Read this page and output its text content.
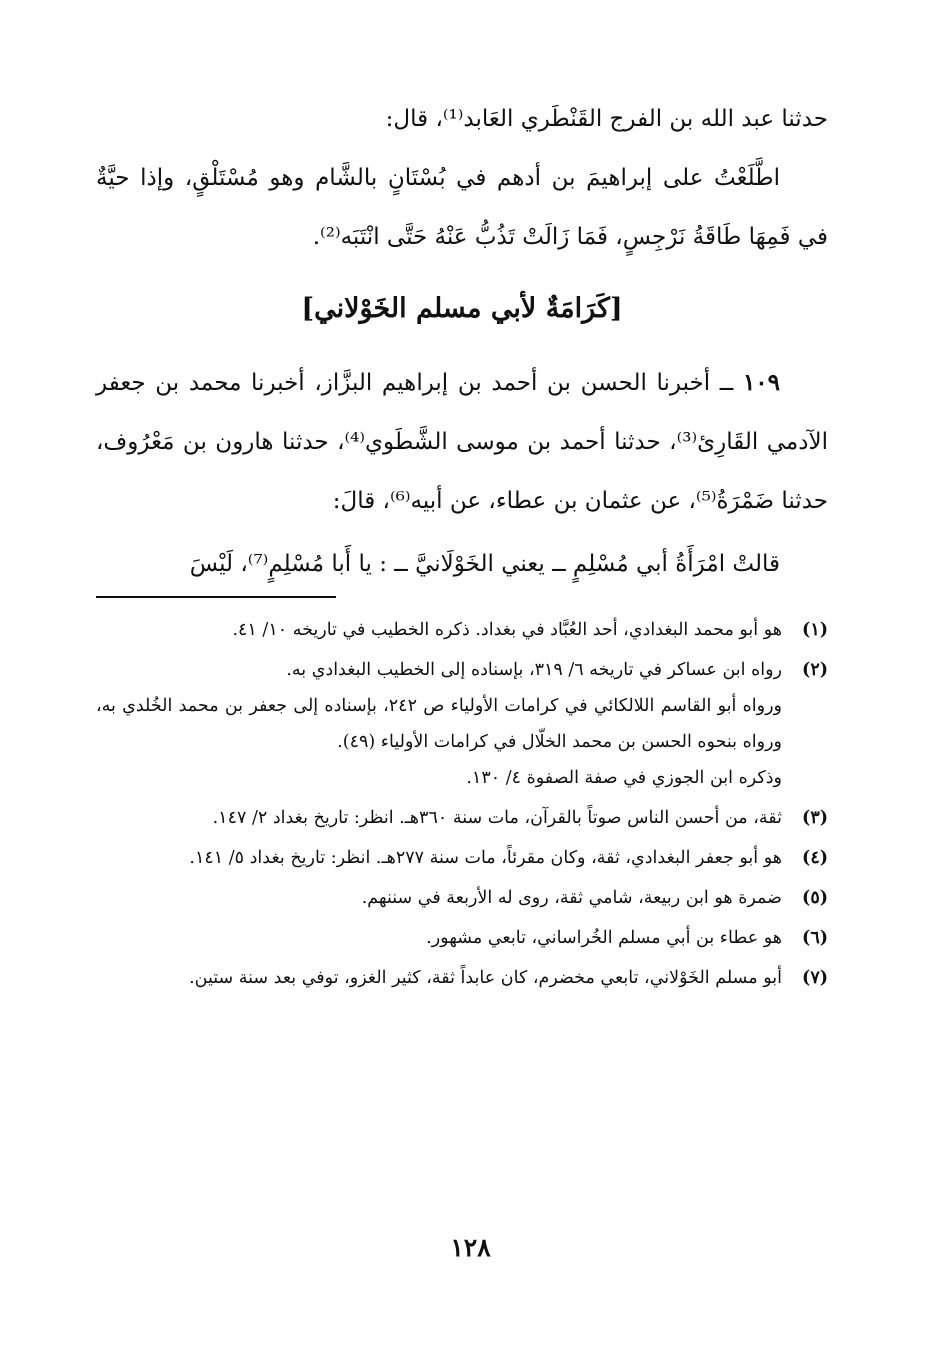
حدثنا عبد الله بن الفرج القَنْطَري العَابد⁽¹⁾، قال:

اطَّلَعْتُ على إبراهيمَ بن أدهم في بُسْتَانٍ بالشَّام وهو مُسْتَلْقٍ، وإذا حيَّةٌ في فَمِهَا طَاقَةُ نَرْجِسٍ، فَمَا زَالَتْ تَذُبُّ عَنْهُ حَتَّى انْتَبَه⁽²⁾.

[كَرَامَةٌ لأبي مسلم الخَوْلاني]

١٠٩ ــ أخبرنا الحسن بن أحمد بن إبراهيم البزَّاز، أخبرنا محمد بن جعفر الآدمي القَارِئ⁽³⁾، حدثنا أحمد بن موسى الشَّطَوي⁽⁴⁾، حدثنا هارون بن مَعْرُوف، حدثنا ضَمْرَةُ⁽⁵⁾، عن عثمان بن عطاء، عن أبيه⁽⁶⁾، قالَ:

قالتْ امْرَأَةُ أبي مُسْلِمٍ ــ يعني الخَوْلَانيَّ ــ : يا أَبا مُسْلِمٍ⁽⁷⁾، لَيْسَ

(١)
هو أبو محمد البغدادي، أحد العُبَّاد في بغداد. ذكره الخطيب في تاريخه ١٠/ ٤١.
(٢)
رواه ابن عساكر في تاريخه ٦/ ٣١٩، بإسناده إلى الخطيب البغدادي به.
ورواه أبو القاسم اللالكائي في كرامات الأولياء ص ٢٤٢، بإسناده إلى جعفر بن محمد الخُلدي به، ورواه بنحوه الحسن بن محمد الخلّال في كرامات الأولياء (٤٩).
وذكره ابن الجوزي في صفة الصفوة ٤/ ١٣٠.
(٣)
ثقة، من أحسن الناس صوتاً بالقرآن، مات سنة ٣٦٠هـ. انظر: تاريخ بغداد ٢/ ١٤٧.
(٤)
هو أبو جعفر البغدادي، ثقة، وكان مقرئاً، مات سنة ٢٧٧هـ. انظر: تاريخ بغداد ٥/ ١٤١.
(٥)
ضمرة هو ابن ربيعة، شامي ثقة، روى له الأربعة في سننهم.
(٦)
هو عطاء بن أبي مسلم الخُراساني، تابعي مشهور.
(٧)
أبو مسلم الخَوْلاني، تابعي مخضرم، كان عابداً ثقة، كثير الغزو، توفي بعد سنة ستين.
١٢٨
